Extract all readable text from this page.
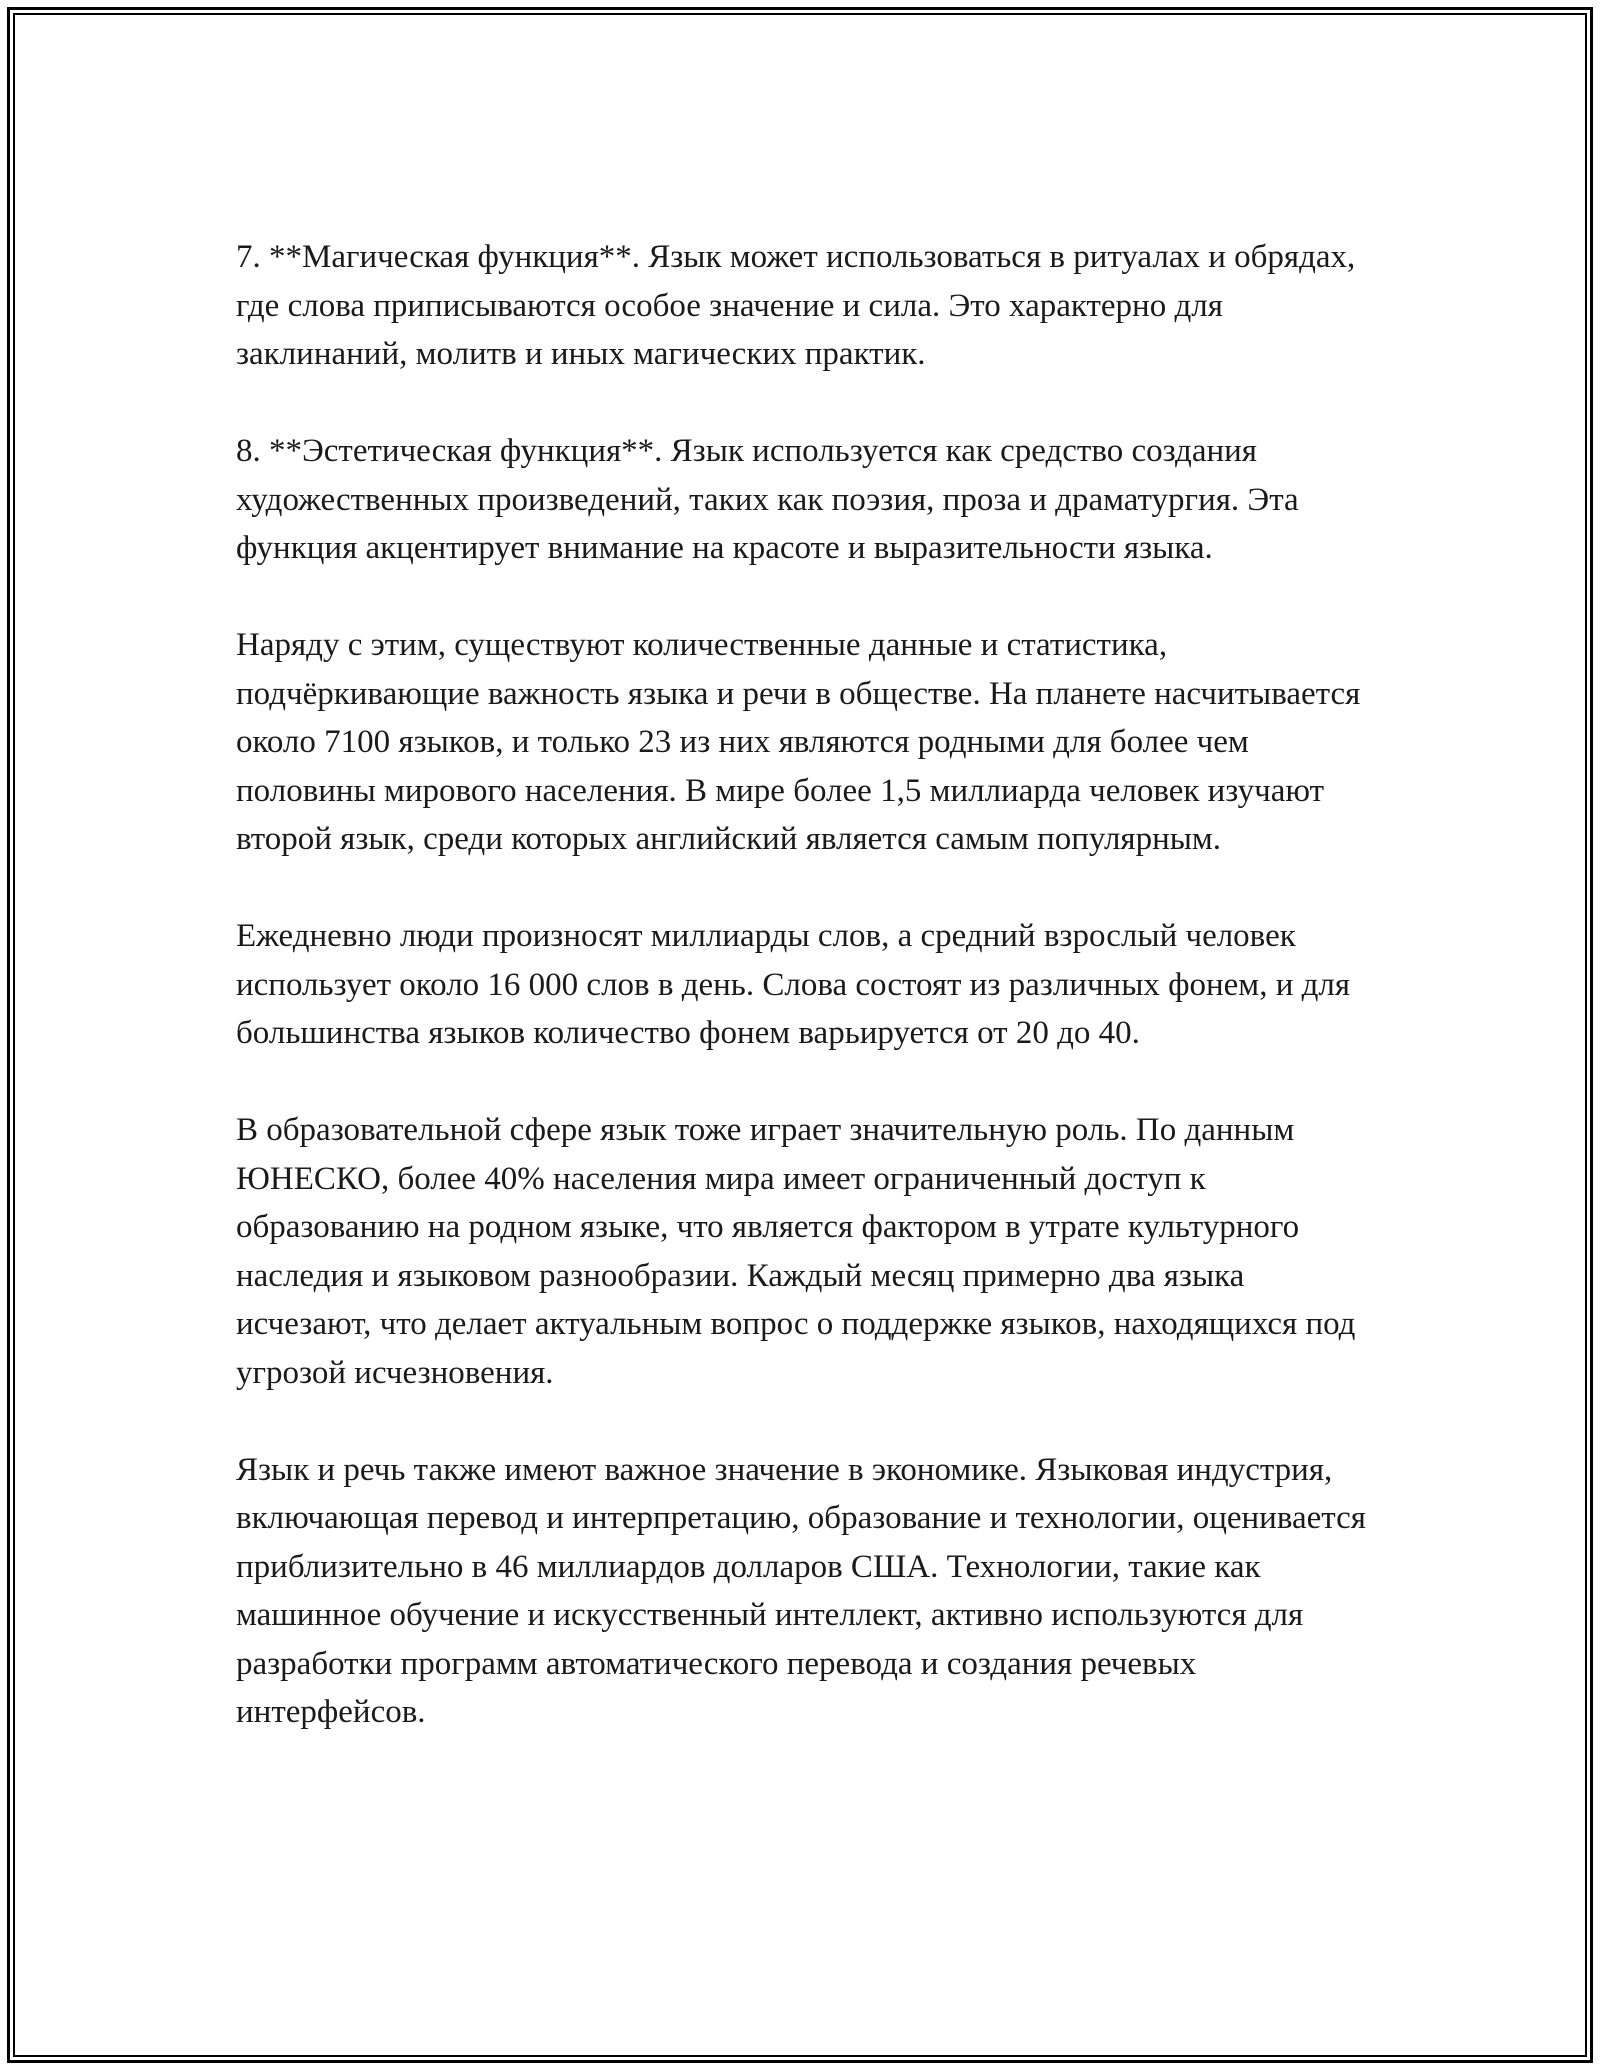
7. **Магическая функция**. Язык может использоваться в ритуалах и обрядах, где слова приписываются особое значение и сила. Это характерно для заклинаний, молитв и иных магических практик.

8. **Эстетическая функция**. Язык используется как средство создания художественных произведений, таких как поэзия, проза и драматургия. Эта функция акцентирует внимание на красоте и выразительности языка.

Наряду с этим, существуют количественные данные и статистика, подчёркивающие важность языка и речи в обществе. На планете насчитывается около 7100 языков, и только 23 из них являются родными для более чем половины мирового населения. В мире более 1,5 миллиарда человек изучают второй язык, среди которых английский является самым популярным.

Ежедневно люди произносят миллиарды слов, а средний взрослый человек использует около 16 000 слов в день. Слова состоят из различных фонем, и для большинства языков количество фонем варьируется от 20 до 40.

В образовательной сфере язык тоже играет значительную роль. По данным ЮНЕСКО, более 40% населения мира имеет ограниченный доступ к образованию на родном языке, что является фактором в утрате культурного наследия и языковом разнообразии. Каждый месяц примерно два языка исчезают, что делает актуальным вопрос о поддержке языков, находящихся под угрозой исчезновения.

Язык и речь также имеют важное значение в экономике. Языковая индустрия, включающая перевод и интерпретацию, образование и технологии, оценивается приблизительно в 46 миллиардов долларов США. Технологии, такие как машинное обучение и искусственный интеллект, активно используются для разработки программ автоматического перевода и создания речевых интерфейсов.
